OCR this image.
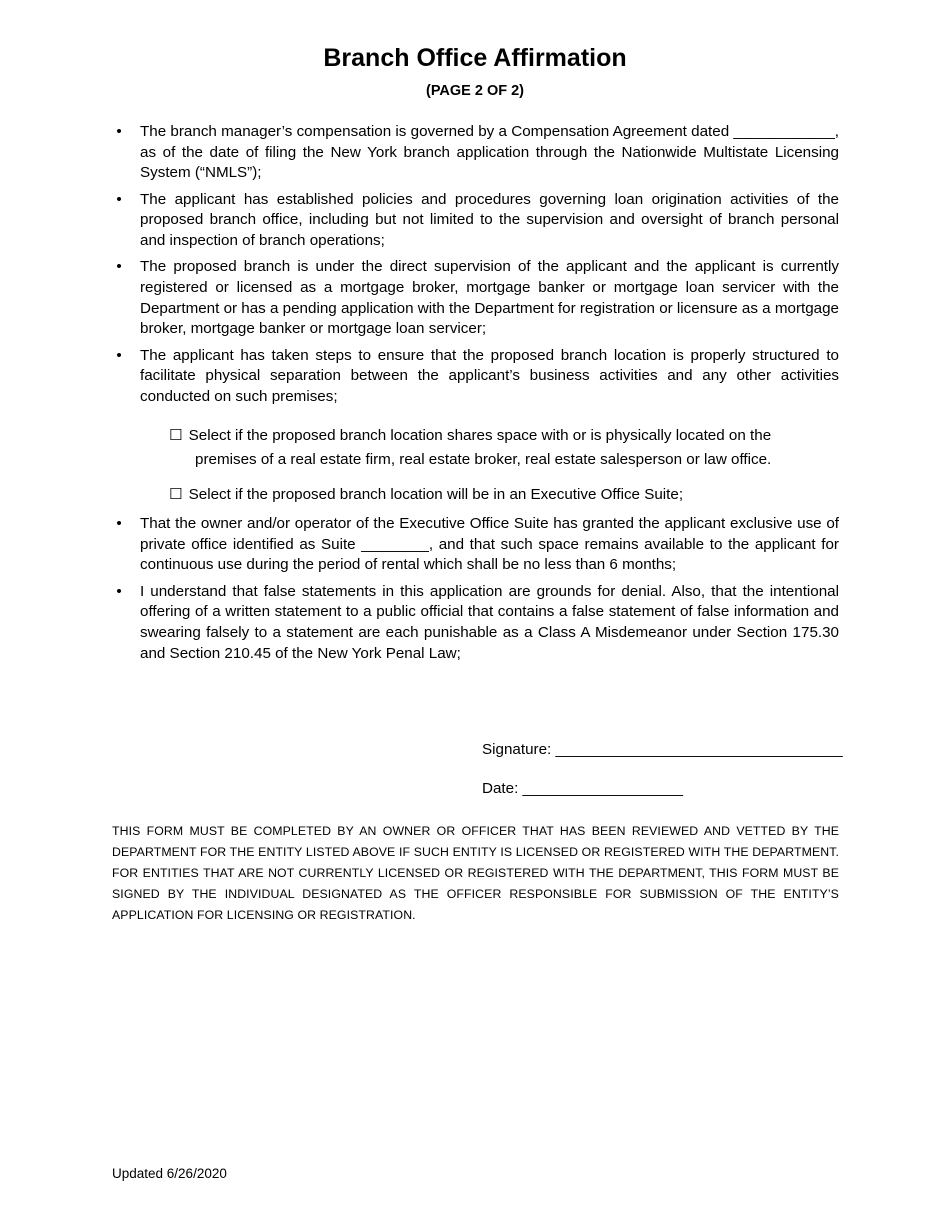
Branch Office Affirmation
(PAGE 2 OF 2)
• The branch manager’s compensation is governed by a Compensation Agreement dated ____________, as of the date of filing the New York branch application through the Nationwide Multistate Licensing System (“NMLS”);
• The applicant has established policies and procedures governing loan origination activities of the proposed branch office, including but not limited to the supervision and oversight of branch personal and inspection of branch operations;
• The proposed branch is under the direct supervision of the applicant and the applicant is currently registered or licensed as a mortgage broker, mortgage banker or mortgage loan servicer with the Department or has a pending application with the Department for registration or licensure as a mortgage broker, mortgage banker or mortgage loan servicer;
• The applicant has taken steps to ensure that the proposed branch location is properly structured to facilitate physical separation between the applicant’s business activities and any other activities conducted on such premises;
☐ Select if the proposed branch location shares space with or is physically located on the
premises of a real estate firm, real estate broker, real estate salesperson or law office.
☐ Select if the proposed branch location will be in an Executive Office Suite;
• That the owner and/or operator of the Executive Office Suite has granted the applicant exclusive use of private office identified as Suite ________, and that such space remains available to the applicant for continuous use during the period of rental which shall be no less than 6 months;
• I understand that false statements in this application are grounds for denial. Also, that the intentional offering of a written statement to a public official that contains a false statement of false information and swearing falsely to a statement are each punishable as a Class A Misdemeanor under Section 175.30 and Section 210.45 of the New York Penal Law;
Signature: __________________________________
Date: ___________________
THIS FORM MUST BE COMPLETED BY AN OWNER OR OFFICER THAT HAS BEEN REVIEWED AND VETTED BY THE DEPARTMENT FOR THE ENTITY LISTED ABOVE IF SUCH ENTITY IS LICENSED OR REGISTERED WITH THE DEPARTMENT. FOR ENTITIES THAT ARE NOT CURRENTLY LICENSED OR REGISTERED WITH THE DEPARTMENT, THIS FORM MUST BE SIGNED BY THE INDIVIDUAL DESIGNATED AS THE OFFICER RESPONSIBLE FOR SUBMISSION OF THE ENTITY’S APPLICATION FOR LICENSING OR REGISTRATION.
Updated 6/26/2020
